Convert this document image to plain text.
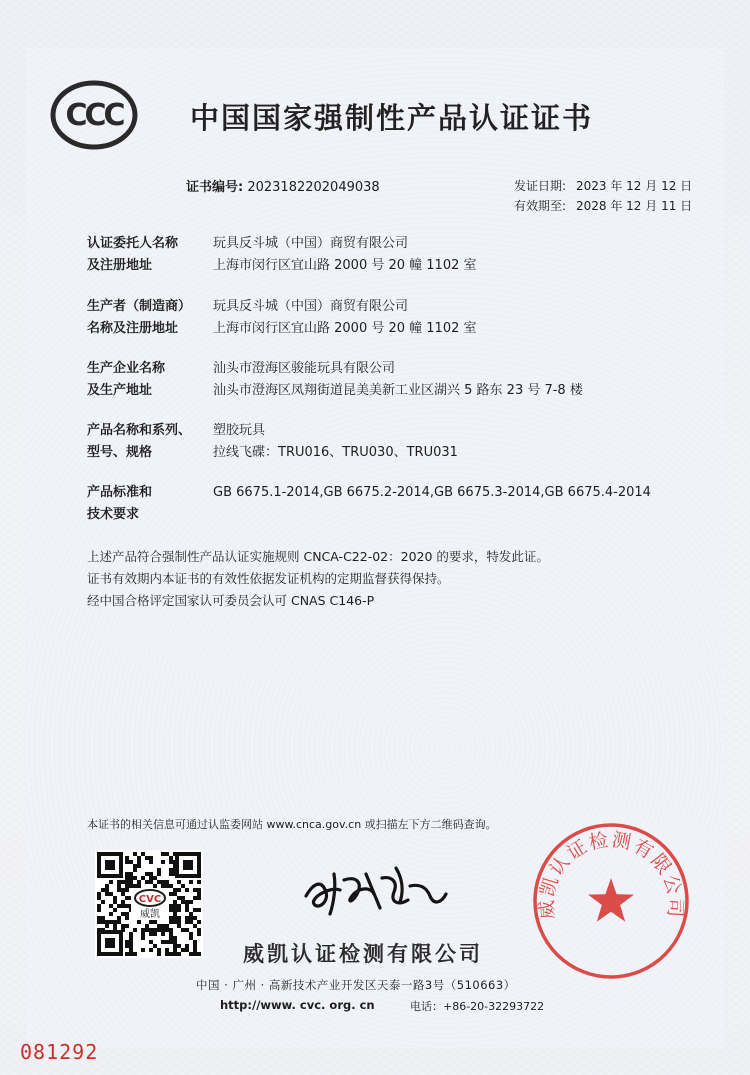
CCC 中国国家强制性产品认证证书
证书编号: 2023182202049038	发证日期: 2023 年 12 月 12 日
有效期至: 2028 年 12 月 11 日
认证委托人名称
及注册地址
玩具反斗城（中国）商贸有限公司
上海市闵行区宜山路 2000 号 20 幢 1102 室
生产者（制造商）
名称及注册地址
玩具反斗城（中国）商贸有限公司
上海市闵行区宜山路 2000 号 20 幢 1102 室
生产企业名称
及生产地址
汕头市澄海区骏能玩具有限公司
汕头市澄海区凤翔街道昆美美新工业区湖兴 5 路东 23 号 7-8 楼
产品名称和系列、
型号、规格
塑胶玩具
拉线飞碟：TRU016、TRU030、TRU031
产品标准和
技术要求
GB 6675.1-2014,GB 6675.2-2014,GB 6675.3-2014,GB 6675.4-2014
上述产品符合强制性产品认证实施规则 CNCA-C22-02：2020 的要求，特发此证。
证书有效期内本证书的有效性依据发证机构的定期监督获得保持。
经中国合格评定国家认可委员会认可 CNAS C146-P
本证书的相关信息可通过认监委网站 www.cnca.gov.cn 或扫描左下方二维码查询。
CVC
威凯
威凯认证检测有限公司
中国 · 广州 · 高新技术产业开发区天泰一路3号（510663）
http://www. cvc. org. cn	电话：+86-20-32293722
威凯认证检测有限公司
081292
